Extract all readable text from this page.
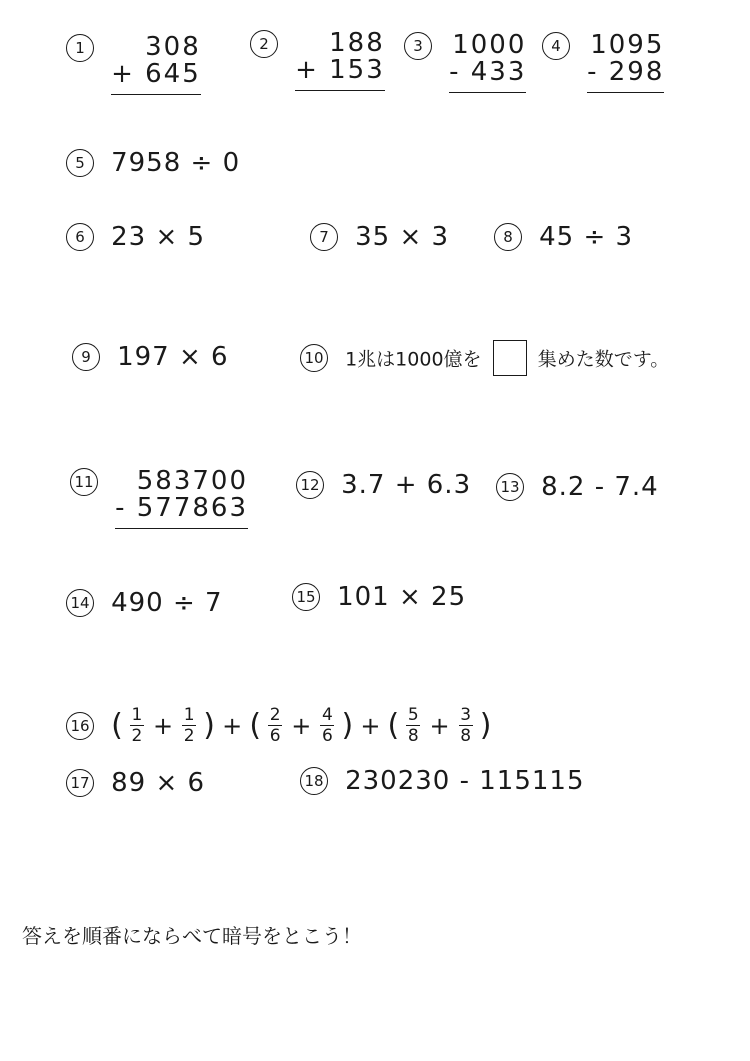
1	308
+ 645
2	188
+ 153
3 1000
- 433
4 1095
- 298
5 7958 ÷ 0
6 23 × 5	7 35 × 3	8 45 ÷ 3
9 197 × 6	10 1兆は1000億を	集めた数です。
11	583700
- 577863
12 3.7 + 6.3 13 8.2 - 7.4
14 490 ÷ 7	15 101 × 25
16 ( $\frac{1}{2} + \frac{1}{2}$ ) + ( $\frac{2}{6} + \frac{4}{6}$ ) + ( $\frac{5}{8} + \frac{3}{8}$ )
17 89 × 6	18 230230 - 115115
答えを順番にならべて暗号をとこう！
